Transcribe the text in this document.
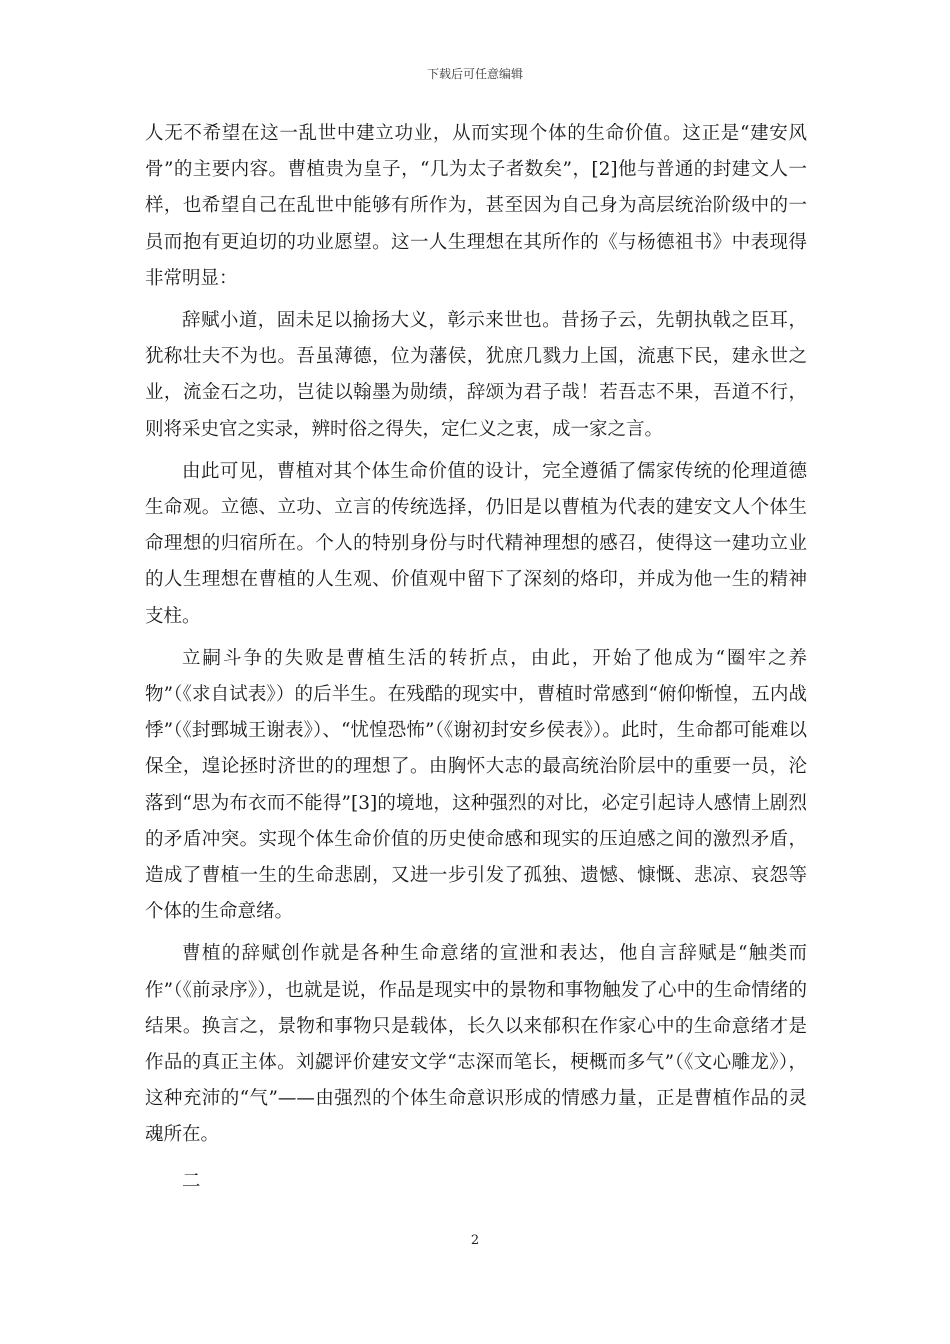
下载后可任意编辑

人无不希望在这一乱世中建立功业，从而实现个体的生命价值。这正是“建安风骨”的主要内容。曹植贵为皇子，“几为太子者数矣”，[2]他与普通的封建文人一样，也希望自己在乱世中能够有所作为，甚至因为自己身为高层统治阶级中的一员而抱有更迫切的功业愿望。这一人生理想在其所作的《与杨德祖书》中表现得非常明显：

辞赋小道，固未足以揄扬大义，彰示来世也。昔扬子云，先朝执戟之臣耳，犹称壮夫不为也。吾虽薄德，位为藩侯，犹庶几戮力上国，流惠下民，建永世之业，流金石之功，岂徒以翰墨为勋绩，辞颂为君子哉！若吾志不果，吾道不行，则将采史官之实录，辨时俗之得失，定仁义之衷，成一家之言。

由此可见，曹植对其个体生命价值的设计，完全遵循了儒家传统的伦理道德生命观。立德、立功、立言的传统选择，仍旧是以曹植为代表的建安文人个体生命理想的归宿所在。个人的特别身份与时代精神理想的感召，使得这一建功立业的人生理想在曹植的人生观、价值观中留下了深刻的烙印，并成为他一生的精神支柱。

立嗣斗争的失败是曹植生活的转折点，由此，开始了他成为“圈牢之养物”（《求自试表》）的后半生。在残酷的现实中，曹植时常感到“俯仰惭惶，五内战悸”（《封鄄城王谢表》）、“忧惶恐怖”（《谢初封安乡侯表》）。此时，生命都可能难以保全，遑论拯时济世的的理想了。由胸怀大志的最高统治阶层中的重要一员，沦落到“思为布衣而不能得”[3]的境地，这种强烈的对比，必定引起诗人感情上剧烈的矛盾冲突。实现个体生命价值的历史使命感和现实的压迫感之间的激烈矛盾，造成了曹植一生的生命悲剧，又进一步引发了孤独、遗憾、慷慨、悲凉、哀怨等个体的生命意绪。

曹植的辞赋创作就是各种生命意绪的宣泄和表达，他自言辞赋是“触类而作”（《前录序》），也就是说，作品是现实中的景物和事物触发了心中的生命情绪的结果。换言之，景物和事物只是载体，长久以来郁积在作家心中的生命意绪才是作品的真正主体。刘勰评价建安文学“志深而笔长，梗概而多气”（《文心雕龙》），这种充沛的“气”——由强烈的个体生命意识形成的情感力量，正是曹植作品的灵魂所在。

二

2
